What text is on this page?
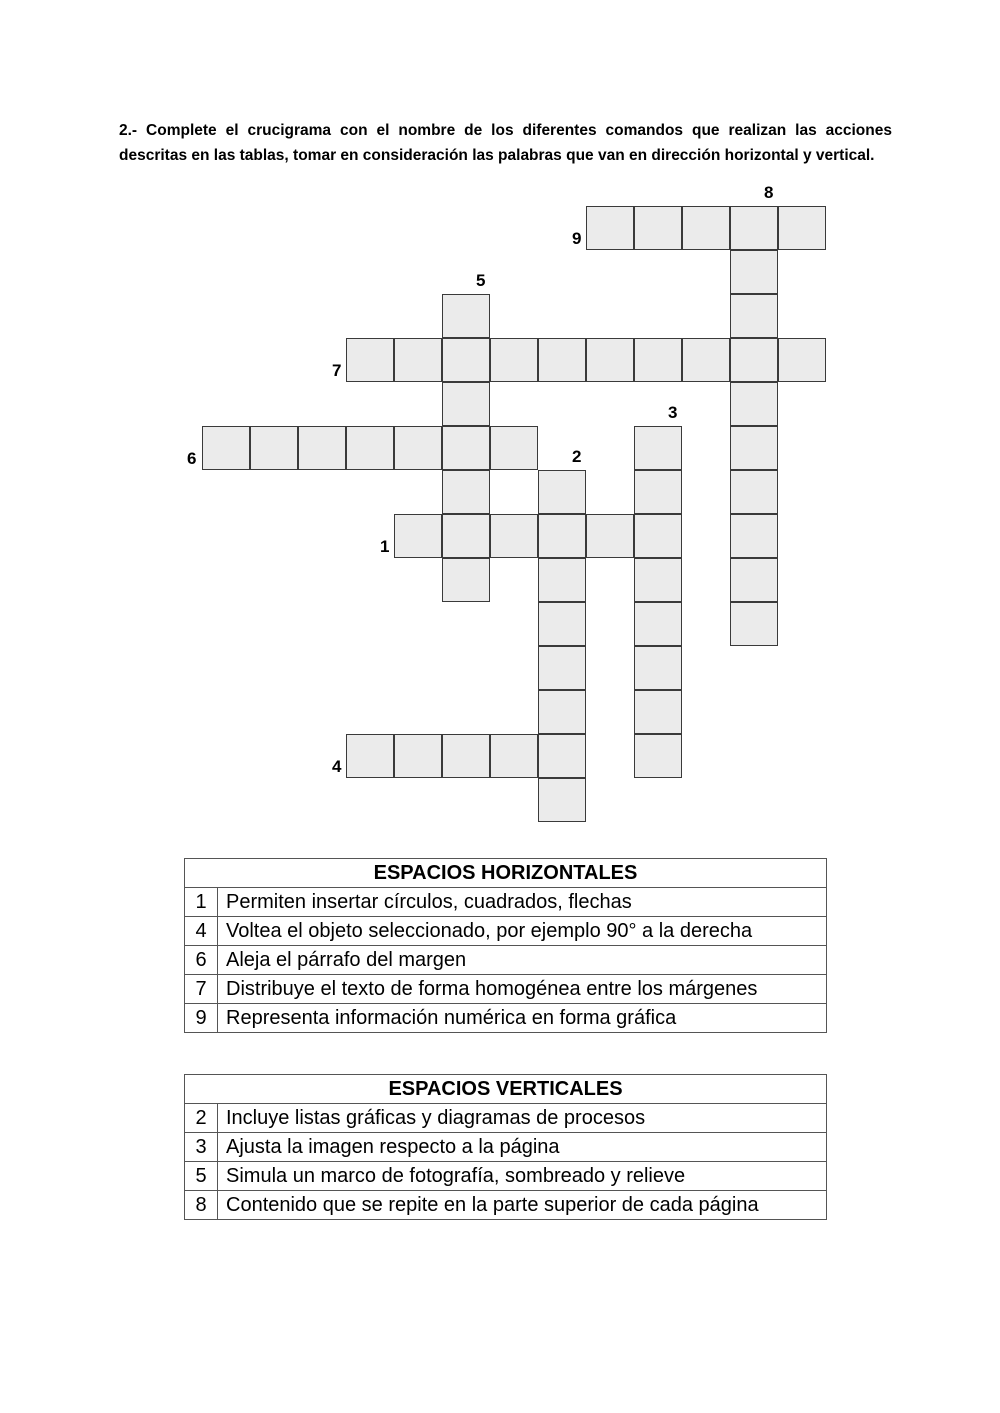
2.- Complete el crucigrama con el nombre de los diferentes comandos que realizan las acciones descritas en las tablas, tomar en consideración las palabras que van en dirección horizontal y vertical.
1
2
3
4
5
6
7
8
9
ESPACIOS HORIZONTALES	
1	Permiten insertar círculos, cuadrados, flechas
4	Voltea el objeto seleccionado, por ejemplo 90° a la derecha
6	Aleja el párrafo del margen
7	Distribuye el texto de forma homogénea entre los márgenes
9	Representa información numérica en forma gráfica
ESPACIOS VERTICALES	
2	Incluye listas gráficas y diagramas de procesos
3	Ajusta la imagen respecto a la página
5	Simula un marco de fotografía, sombreado y relieve
8	Contenido que se repite en la parte superior de cada página
